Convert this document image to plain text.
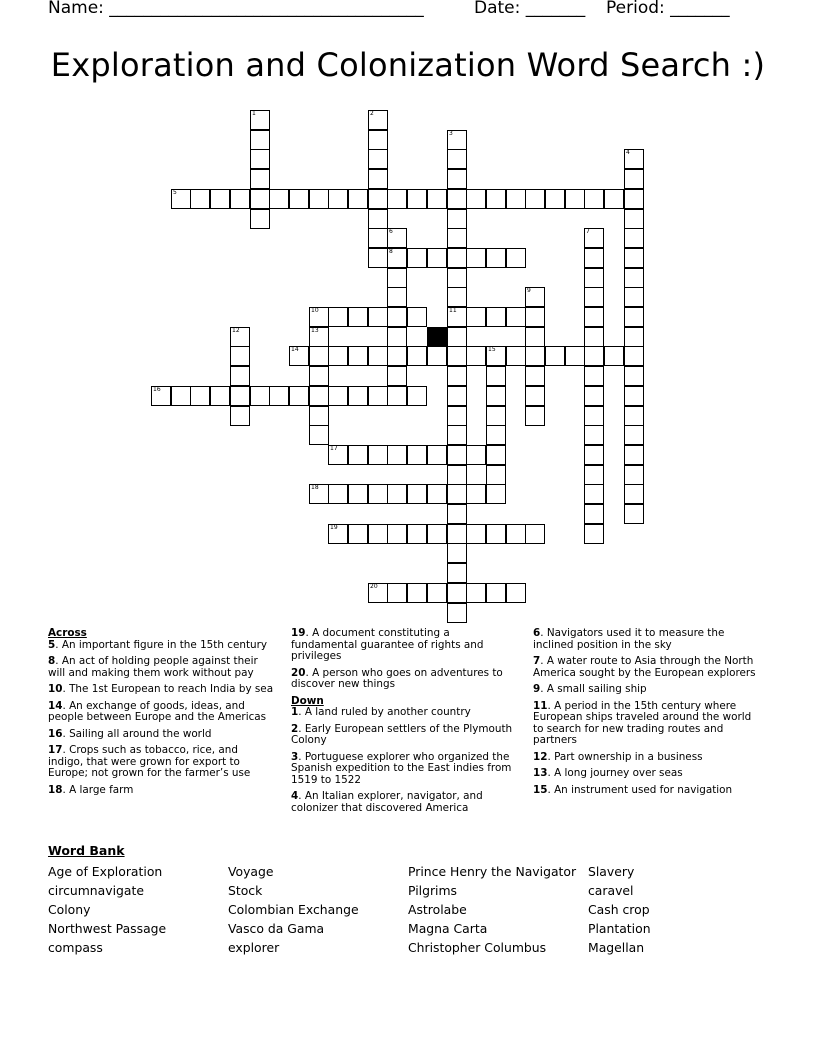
Name: _____________________________________	Date: _______ Period: _______
Exploration and Colonization Word Search :)
1	2
3
11
4
5
6
8
7
9
10
12	13
14	15
16
17
18
19
20

Across

5. An important figure in the 15th century

8. An act of holding people against their will and making them work without pay

10. The 1st European to reach India by sea

14. An exchange of goods, ideas, and people between Europe and the Americas

16. Sailing all around the world

17. Crops such as tobacco, rice, and indigo, that were grown for export to Europe; not grown for the farmer’s use

18. A large farm

19. A document constituting a fundamental guarantee of rights and privileges

20. A person who goes on adventures to discover new things

Down

1. A land ruled by another country

2. Early European settlers of the Plymouth Colony

3. Portuguese explorer who organized the Spanish expedition to the East indies from 1519 to 1522

4. An Italian explorer, navigator, and colonizer that discovered America

6. Navigators used it to measure the inclined position in the sky

7. A water route to Asia through the North America sought by the European explorers

9. A small sailing ship

11. A period in the 15th century where European ships traveled around the world to search for new trading routes and partners

12. Part ownership in a business

13. A long journey over seas

15. An instrument used for navigation

Word Bank
Age of Exploration
circumnavigate
Colony
Northwest Passage
compass
Voyage
Stock
Colombian Exchange
Vasco da Gama
explorer
Prince Henry the Navigator
Pilgrims
Astrolabe
Magna Carta
Christopher Columbus
Slavery
caravel
Cash crop
Plantation
Magellan
